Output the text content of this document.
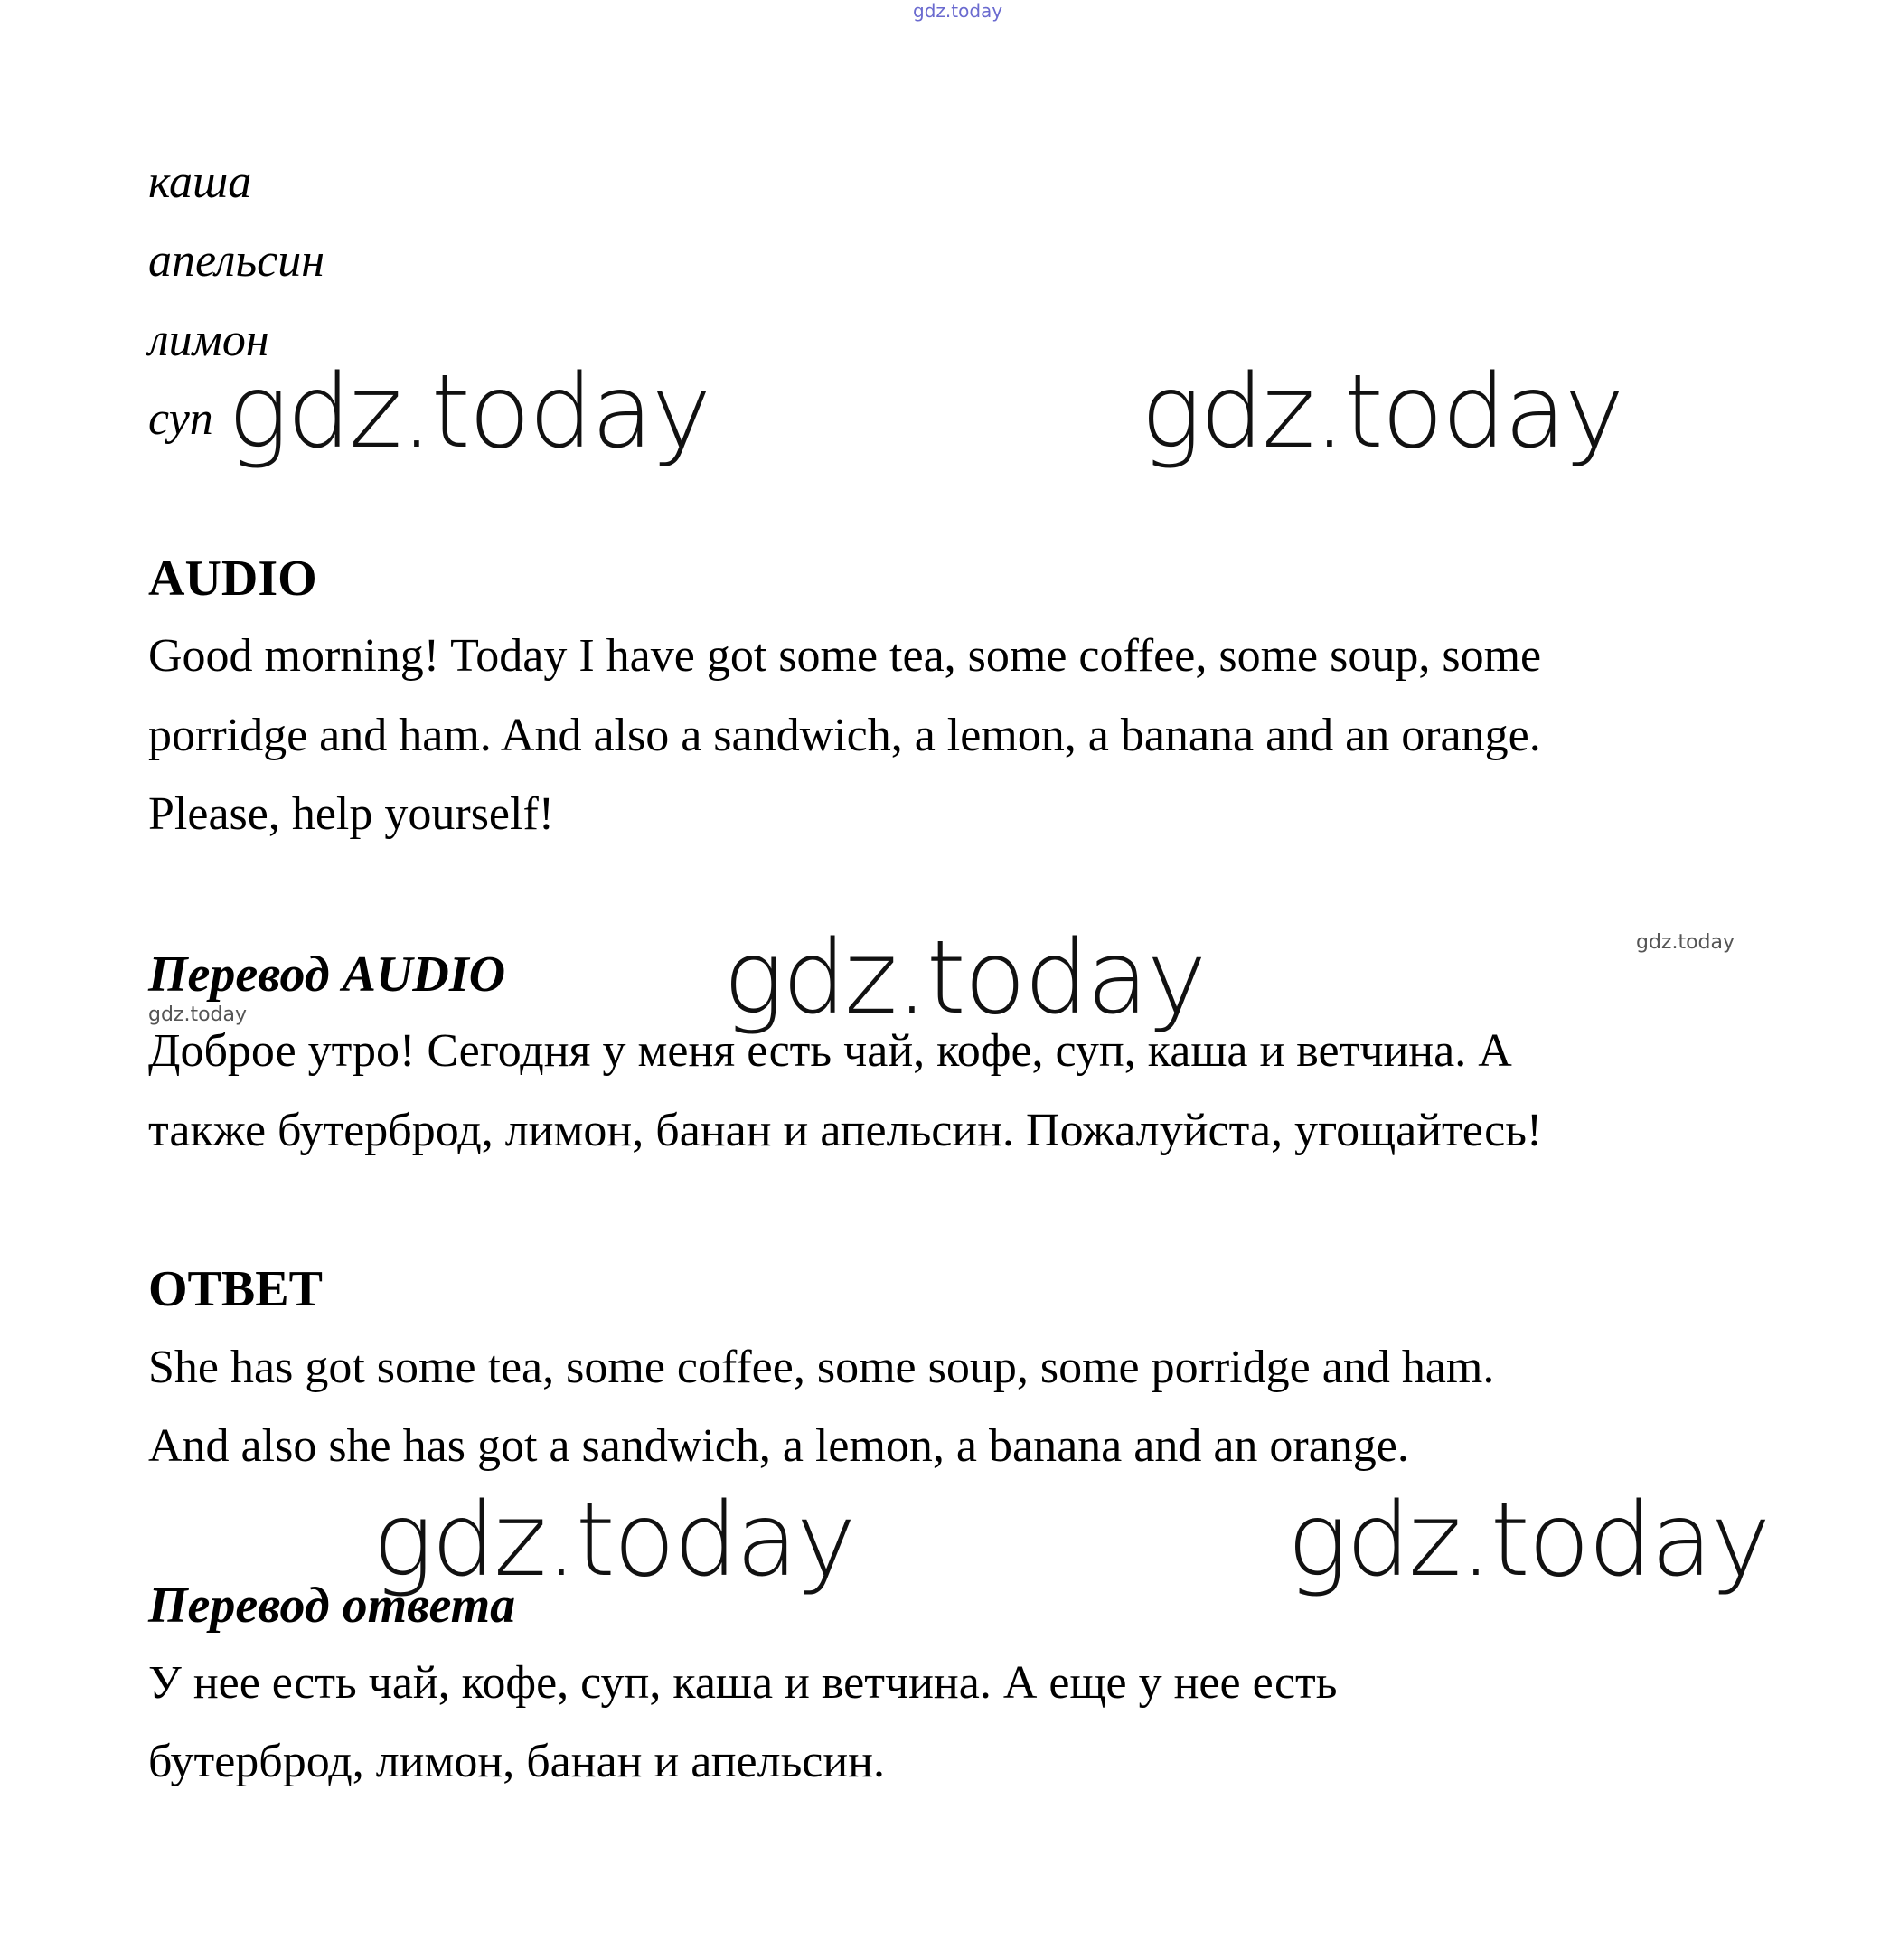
gdz.today
каша
апельсин
лимон
суп gdz.today	gdz.today
AUDIO
Good morning! Today I have got some tea, some coffee, some soup, some
porridge and ham. And also a sandwich, a lemon, a banana and an orange.
Please, help yourself!
gdz.today
gdz.today
Перевод AUDIO
gdz.today
Доброе утро! Сегодня у меня есть чай, кофе, суп, каша и ветчина. А
также бутерброд, лимон, банан и апельсин. Пожалуйста, угощайтесь!
ОТВЕТ
She has got some tea, some coffee, some soup, some porridge and ham.
And also she has got a sandwich, a lemon, a banana and an orange.
gdz.today	gdz.today
Перевод ответа
У нее есть чай, кофе, суп, каша и ветчина. А еще у нее есть
бутерброд, лимон, банан и апельсин.
